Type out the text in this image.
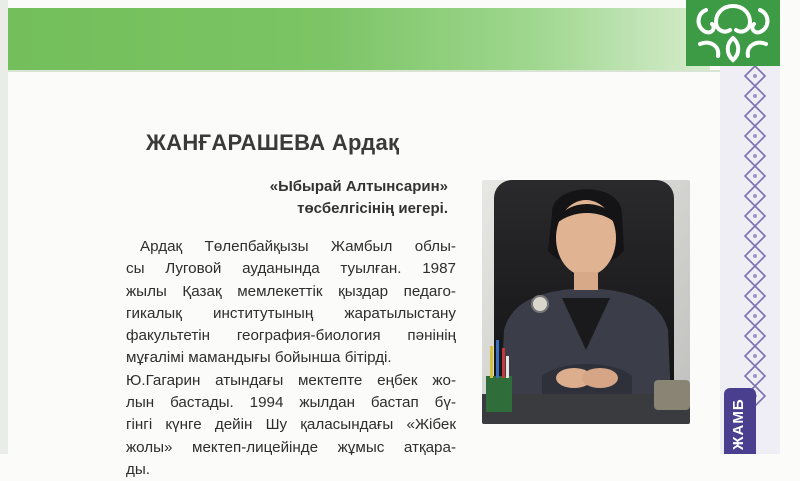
ЖАМБ
ЖАНҒАРАШЕВА Ардақ
«Ыбырай Алтынсарин»
төсбелгісінің иегері.
Ардақ Төлепбайқызы Жамбыл облы-
сы Луговой ауданында туылған. 1987
жылы Қазақ мемлекеттік қыздар педаго-
гикалық институтының жаратылыстану
факультетін география-биология пәнінің
мұғалімі мамандығы бойынша бітірді.
Ю.Гагарин атындағы мектепте еңбек жо-
лын бастады. 1994 жылдан бастап бү-
гінгі күнге дейін Шу қаласындағы «Жібек
жолы» мектеп-лицейінде жұмыс атқара-
ды.
